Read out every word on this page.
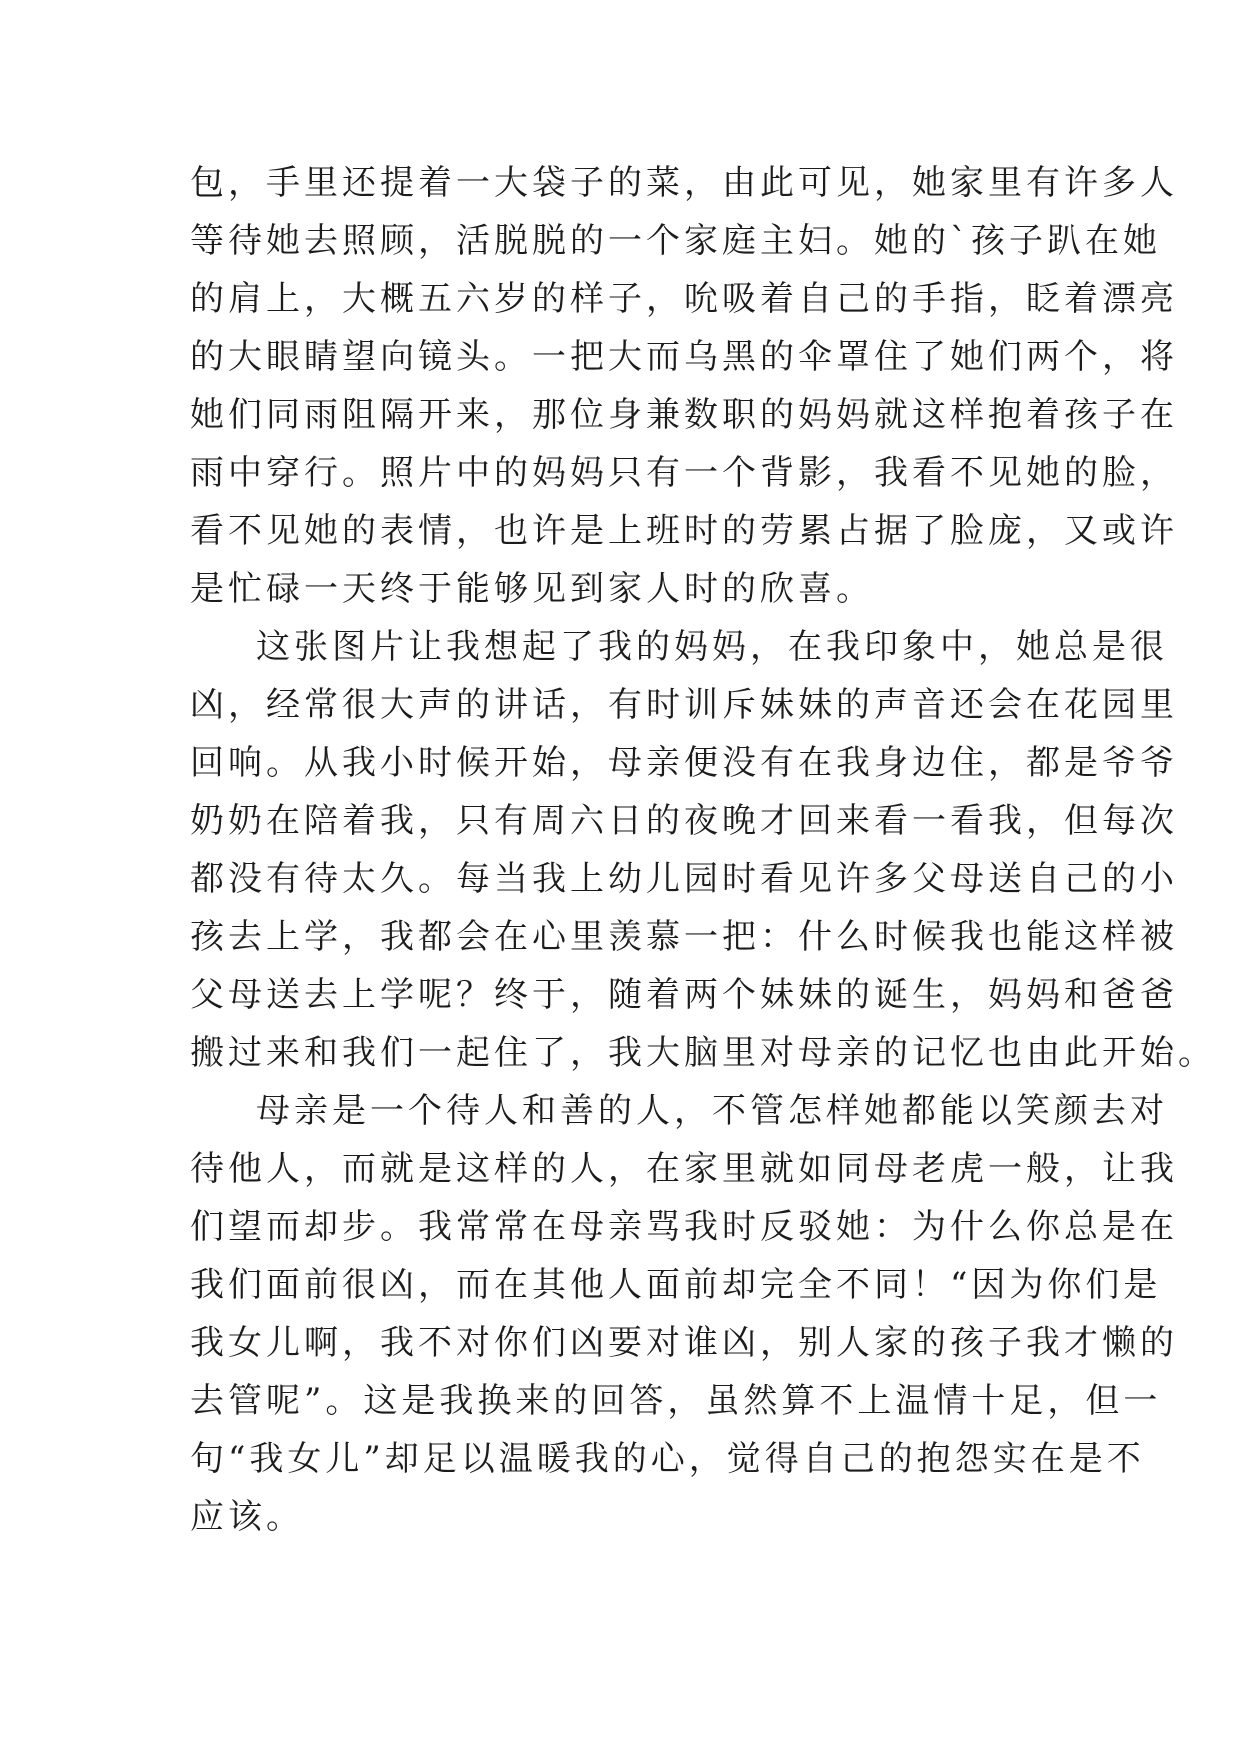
包，手里还提着一大袋子的菜，由此可见，她家里有许多人
等待她去照顾，活脱脱的一个家庭主妇。她的`孩子趴在她
的肩上，大概五六岁的样子，吮吸着自己的手指，眨着漂亮
的大眼睛望向镜头。一把大而乌黑的伞罩住了她们两个，将
她们同雨阻隔开来，那位身兼数职的妈妈就这样抱着孩子在
雨中穿行。照片中的妈妈只有一个背影，我看不见她的脸，
看不见她的表情，也许是上班时的劳累占据了脸庞，又或许
是忙碌一天终于能够见到家人时的欣喜。
这张图片让我想起了我的妈妈，在我印象中，她总是很
凶，经常很大声的讲话，有时训斥妹妹的声音还会在花园里
回响。从我小时候开始，母亲便没有在我身边住，都是爷爷
奶奶在陪着我，只有周六日的夜晚才回来看一看我，但每次
都没有待太久。每当我上幼儿园时看见许多父母送自己的小
孩去上学，我都会在心里羡慕一把：什么时候我也能这样被
父母送去上学呢？终于，随着两个妹妹的诞生，妈妈和爸爸
搬过来和我们一起住了，我大脑里对母亲的记忆也由此开始。
母亲是一个待人和善的人，不管怎样她都能以笑颜去对
待他人，而就是这样的人，在家里就如同母老虎一般，让我
们望而却步。我常常在母亲骂我时反驳她：为什么你总是在
我们面前很凶，而在其他人面前却完全不同！“因为你们是
我女儿啊，我不对你们凶要对谁凶，别人家的孩子我才懒的
去管呢”。这是我换来的回答，虽然算不上温情十足，但一
句“我女儿”却足以温暖我的心，觉得自己的抱怨实在是不
应该。
